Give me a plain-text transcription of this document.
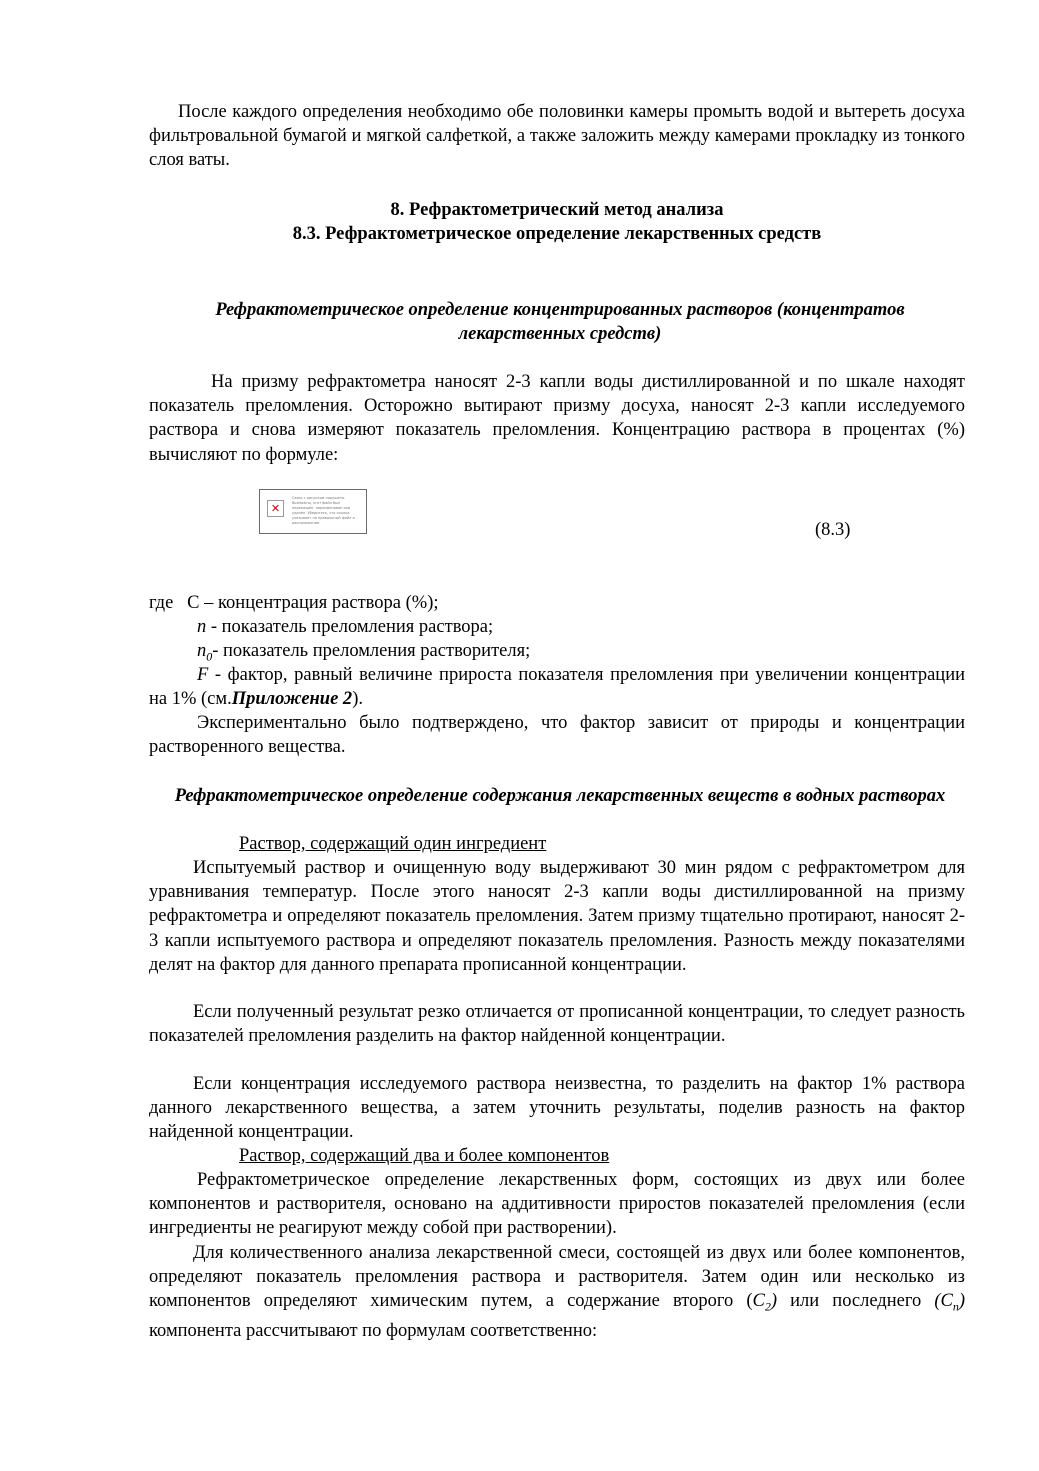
После каждого определения необходимо обе половинки камеры промыть водой и вытереть досуха фильтровальной бумагой и мягкой салфеткой, а также заложить между камерами прокладку из тонкого слоя ваты.

8. Рефрактометрический метод анализа
8.3. Рефрактометрическое определение лекарственных средств
Рефрактометрическое определение концентрированных растворов (концентратов лекарственных средств)

На призму рефрактометра наносят 2-3 капли воды дистиллированной и по шкале находят показатель преломления. Осторожно вытирают призму досуха, наносят 2-3 капли исследуемого раствора и снова измеряют показатель преломления. Концентрацию раствора в процентах (%) вычисляют по формуле:

✕
Связь с рисунком нарушена. Возможно, этот файл был перемещён, переименован или удалён. Убедитесь, что ссылка указывает на правильный файл и расположение.	(8.3)
где С – концентрация раствора (%);
n - показатель преломления раствора;
$n_0-$ показатель преломления растворителя;

F - фактор, равный величине прироста показателя преломления при увеличении концентрации на 1% (см.Приложение 2).

Экспериментально было подтверждено, что фактор зависит от природы и концентрации растворенного вещества.

Рефрактометрическое определение содержания лекарственных веществ в водных растворах
Раствор, содержащий один ингредиент

Испытуемый раствор и очищенную воду выдерживают 30 мин рядом с рефрактометром для уравнивания температур. После этого наносят 2-3 капли воды дистиллированной на призму рефрактометра и определяют показатель преломления. Затем призму тщательно протирают, наносят 2-3 капли испытуемого раствора и определяют показатель преломления. Разность между показателями делят на фактор для данного препарата прописанной концентрации.

Если полученный результат резко отличается от прописанной концентрации, то следует разность показателей преломления разделить на фактор найденной концентрации.

Если концентрация исследуемого раствора неизвестна, то разделить на фактор 1% раствора данного лекарственного вещества, а затем уточнить результаты, поделив разность на фактор найденной концентрации.

Раствор, содержащий два и более компонентов

Рефрактометрическое определение лекарственных форм, состоящих из двух или более компонентов и растворителя, основано на аддитивности приростов показателей преломления (если ингредиенты не реагируют между собой при растворении).

Для количественного анализа лекарственной смеси, состоящей из двух или более компонентов, определяют показатель преломления раствора и растворителя. Затем один или несколько из компонентов определяют химическим путем, а содержание второго $(С_2)$ или последнего $(С_n)$ компонента рассчитывают по формулам соответственно:
